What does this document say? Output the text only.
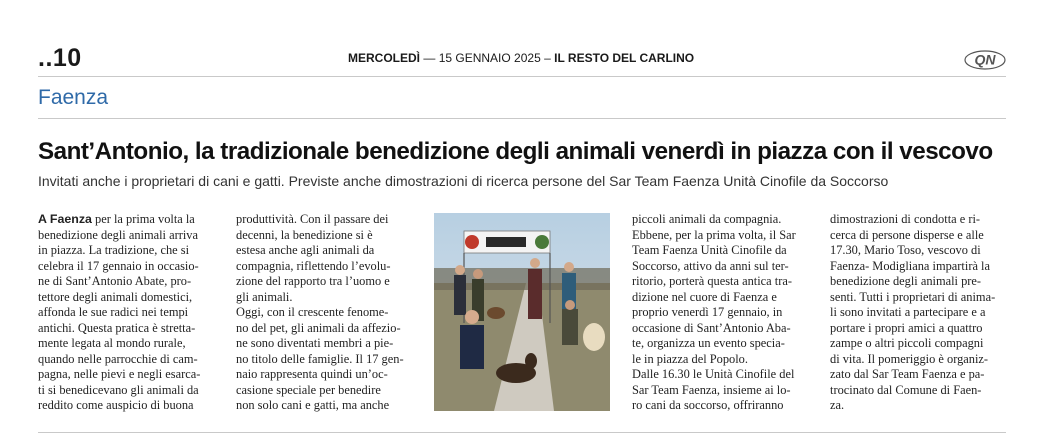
..10	MERCOLEDÌ — 15 GENNAIO 2025 – IL RESTO DEL CARLINO	QN
Faenza
Sant’Antonio, la tradizionale benedizione degli animali venerdì in piazza con il vescovo
Invitati anche i proprietari di cani e gatti. Previste anche dimostrazioni di ricerca persone del Sar Team Faenza Unità Cinofile da Soccorso
A Faenza per la prima volta la
benedizione degli animali arriva
in piazza. La tradizione, che si
celebra il 17 gennaio in occasio-
ne di Sant’Antonio Abate, pro-
tettore degli animali domestici,
affonda le sue radici nei tempi
antichi. Questa pratica è stretta-
mente legata al mondo rurale,
quando nelle parrocchie di cam-
pagna, nelle pievi e negli esarca-
ti si benedicevano gli animali da
reddito come auspicio di buona
produttività. Con il passare dei
decenni, la benedizione si è
estesa anche agli animali da
compagnia, riflettendo l’evolu-
zione del rapporto tra l’uomo e
gli animali.
Oggi, con il crescente fenome-
no del pet, gli animali da affezio-
ne sono diventati membri a pie-
no titolo delle famiglie. Il 17 gen-
naio rappresenta quindi un’oc-
casione speciale per benedire
non solo cani e gatti, ma anche
piccoli animali da compagnia.
Ebbene, per la prima volta, il Sar
Team Faenza Unità Cinofile da
Soccorso, attivo da anni sul ter-
ritorio, porterà questa antica tra-
dizione nel cuore di Faenza e
proprio venerdì 17 gennaio, in
occasione di Sant’Antonio Aba-
te, organizza un evento specia-
le in piazza del Popolo.
Dalle 16.30 le Unità Cinofile del
Sar Team Faenza, insieme ai lo-
ro cani da soccorso, offriranno
dimostrazioni di condotta e ri-
cerca di persone disperse e alle
17.30, Mario Toso, vescovo di
Faenza- Modigliana impartirà la
benedizione degli animali pre-
senti. Tutti i proprietari di anima-
li sono invitati a partecipare e a
portare i propri amici a quattro
zampe o altri piccoli compagni
di vita. Il pomeriggio è organiz-
zato dal Sar Team Faenza e pa-
trocinato dal Comune di Faen-
za.
